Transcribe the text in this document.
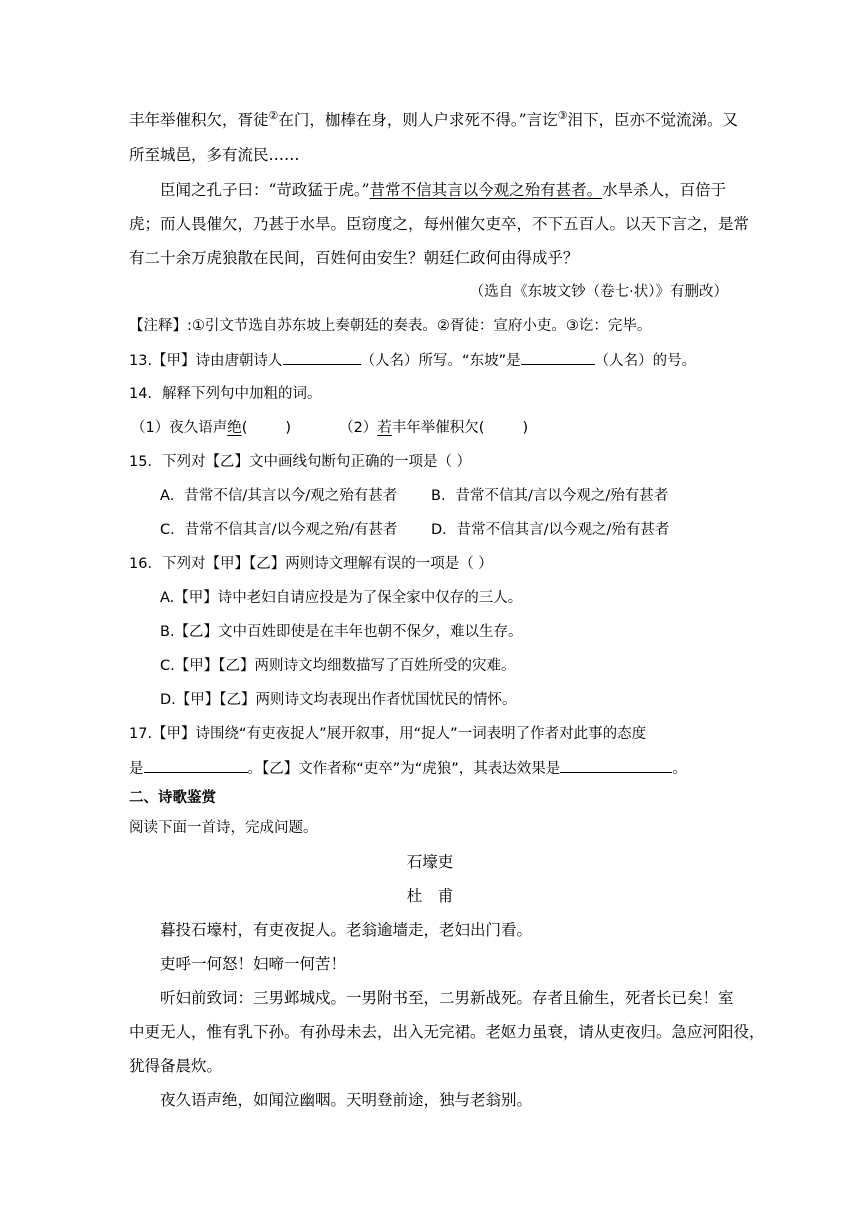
丰年举催积欠，胥徒②在门，枷棒在身，则人户求死不得。”言讫③泪下，臣亦不觉流涕。又
所至城邑，多有流民……
臣闻之孔子曰：“苛政猛于虎。”昔常不信其言以今观之殆有甚者。水旱杀人，百倍于
虎；而人畏催欠，乃甚于水旱。臣窃度之，每州催欠吏卒，不下五百人。以天下言之，是常
有二十余万虎狼散在民间，百姓何由安生？朝廷仁政何由得成乎？
（选自《东坡文钞（卷七·状）》有删改）
【注释】:①引文节选自苏东坡上奏朝廷的奏表。②胥徒：宣府小吏。③讫：完毕。
13.【甲】诗由唐朝诗人	（人名）所写。“东坡”是	（人名）的号。
14．解释下列句中加粗的词。
（1）夜久语声绝(	)	（2）若丰年举催积欠(	)
15．下列对【乙】文中画线句断句正确的一项是（ ）
A．昔常不信/其言以今/观之殆有甚者 B．昔常不信其/言以今观之/殆有甚者
C．昔常不信其言/以今观之殆/有甚者 D．昔常不信其言/以今观之/殆有甚者
16．下列对【甲】【乙】两则诗文理解有误的一项是（ ）
A.【甲】诗中老妇自请应投是为了保全家中仅存的三人。
B.【乙】文中百姓即使是在丰年也朝不保夕，难以生存。
C.【甲】【乙】两则诗文均细数描写了百姓所受的灾难。
D.【甲】【乙】两则诗文均表现出作者忧国忧民的情怀。
17.【甲】诗围绕“有吏夜捉人”展开叙事，用“捉人”一词表明了作者对此事的态度
是	。【乙】文作者称“吏卒”为“虎狼”，其表达效果是	。
二、诗歌鉴赏
阅读下面一首诗，完成问题。
石壕吏
杜　甫
暮投石壕村，有吏夜捉人。老翁逾墙走，老妇出门看。
吏呼一何怒！妇啼一何苦！
听妇前致词：三男邺城戍。一男附书至，二男新战死。存者且偷生，死者长已矣！室
中更无人，惟有乳下孙。有孙母未去，出入无完裙。老妪力虽衰，请从吏夜归。急应河阳役，
犹得备晨炊。
夜久语声绝，如闻泣幽咽。天明登前途，独与老翁别。
